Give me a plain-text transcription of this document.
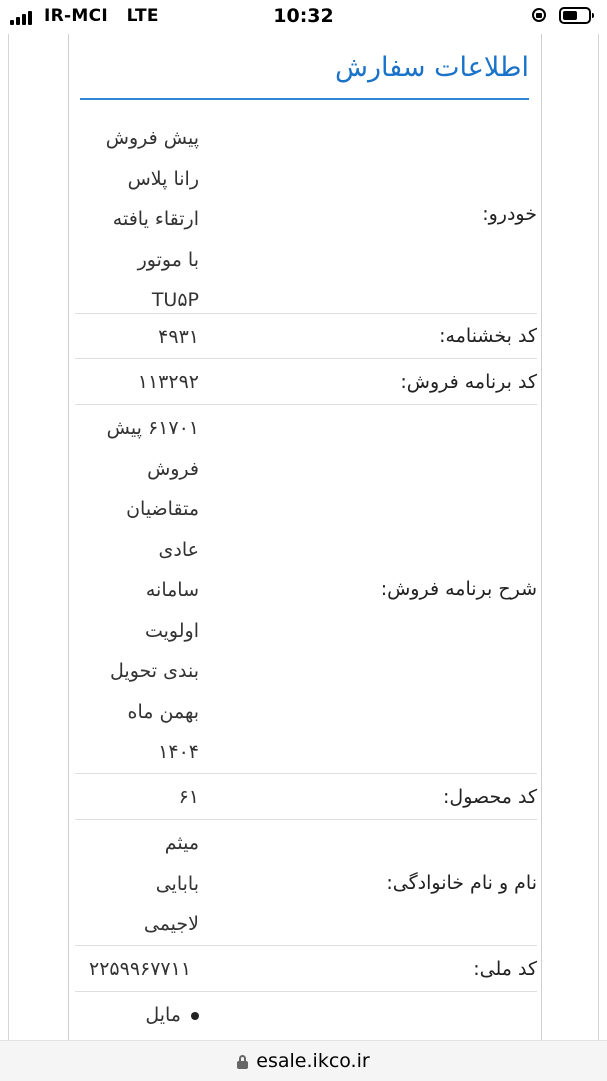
IR-MCI   LTE	10:32
اطلاعات سفارش
خودرو:
پیش فروش
رانا پلاس
ارتقاء یافته
با موتور
TU۵P
کد بخشنامه:
۴۹۳۱
کد برنامه فروش:
۱۱۳۲۹۲
شرح برنامه فروش:
۶۱۷۰۱ پیش
فروش
متقاضیان
عادی
سامانه
اولویت
بندی تحویل
بهمن ماه
۱۴۰۴
کد محصول:
۶۱
نام و نام خانوادگی:
میثم
بابایی
لاجیمی
کد ملی:
۲۲۵۹۹۶۷۷۱۱
مایل
esale.ikco.ir
